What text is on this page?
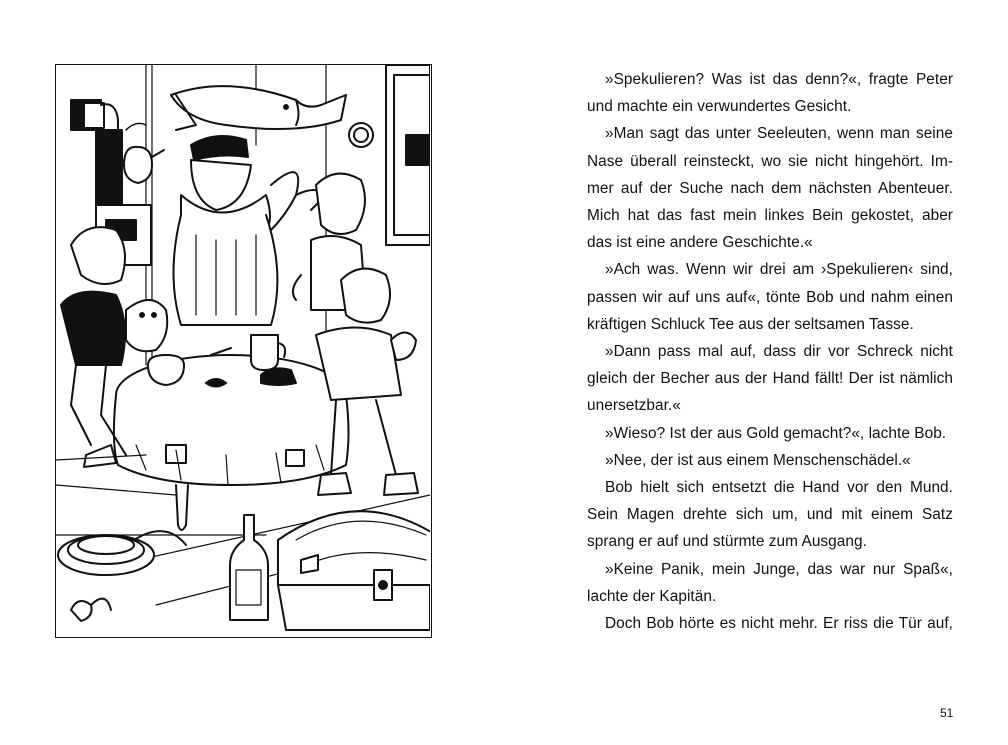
»Spekulieren? Was ist das denn?«, fragte Peter
und machte ein verwundertes Gesicht.
»Man sagt das unter Seeleuten, wenn man seine
Nase überall reinsteckt, wo sie nicht hingehört. Im-
mer auf der Suche nach dem nächsten Abenteuer.
Mich hat das fast mein linkes Bein gekostet, aber
das ist eine andere Geschichte.«
»Ach was. Wenn wir drei am ›Spekulieren‹ sind,
passen wir auf uns auf«, tönte Bob und nahm einen
kräftigen Schluck Tee aus der seltsamen Tasse.
»Dann pass mal auf, dass dir vor Schreck nicht
gleich der Becher aus der Hand fällt! Der ist nämlich
unersetzbar.«
»Wieso? Ist der aus Gold gemacht?«, lachte Bob.
»Nee, der ist aus einem Menschenschädel.«
Bob hielt sich entsetzt die Hand vor den Mund.
Sein Magen drehte sich um, und mit einem Satz
sprang er auf und stürmte zum Ausgang.
»Keine Panik, mein Junge, das war nur Spaß«,
lachte der Kapitän.
Doch Bob hörte es nicht mehr. Er riss die Tür auf,
51
